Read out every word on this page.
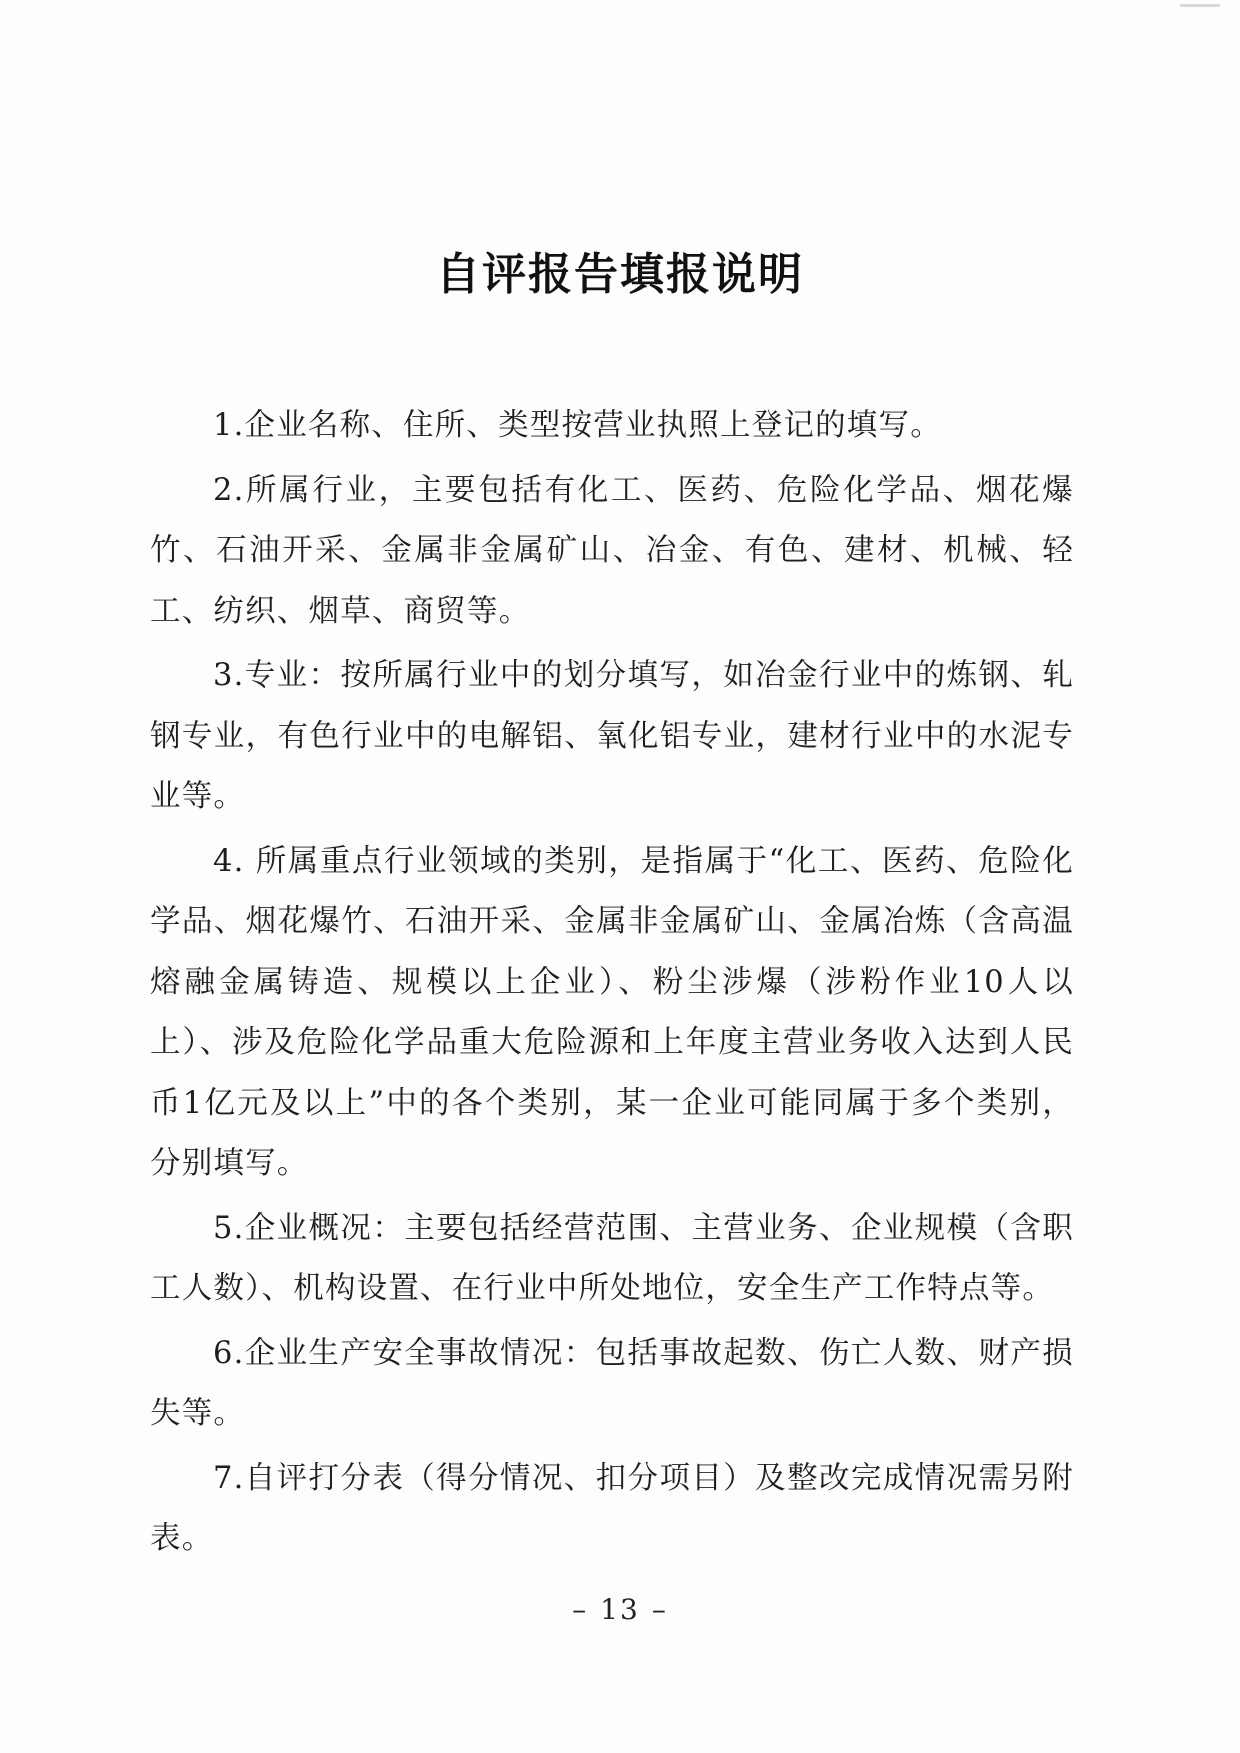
自评报告填报说明

1.企业名称、住所、类型按营业执照上登记的填写。

2.所属行业，主要包括有化工、医药、危险化学品、烟花爆竹、石油开采、金属非金属矿山、冶金、有色、建材、机械、轻工、纺织、烟草、商贸等。

3.专业：按所属行业中的划分填写，如冶金行业中的炼钢、轧钢专业，有色行业中的电解铝、氧化铝专业，建材行业中的水泥专业等。

4. 所属重点行业领域的类别，是指属于“化工、医药、危险化学品、烟花爆竹、石油开采、金属非金属矿山、金属冶炼（含高温熔融金属铸造、规模以上企业）、粉尘涉爆（涉粉作业10人以上）、涉及危险化学品重大危险源和上年度主营业务收入达到人民币1亿元及以上”中的各个类别，某一企业可能同属于多个类别，分别填写。

5.企业概况：主要包括经营范围、主营业务、企业规模（含职工人数）、机构设置、在行业中所处地位，安全生产工作特点等。

6.企业生产安全事故情况：包括事故起数、伤亡人数、财产损失等。

7.自评打分表（得分情况、扣分项目）及整改完成情况需另附表。

– 13 –
